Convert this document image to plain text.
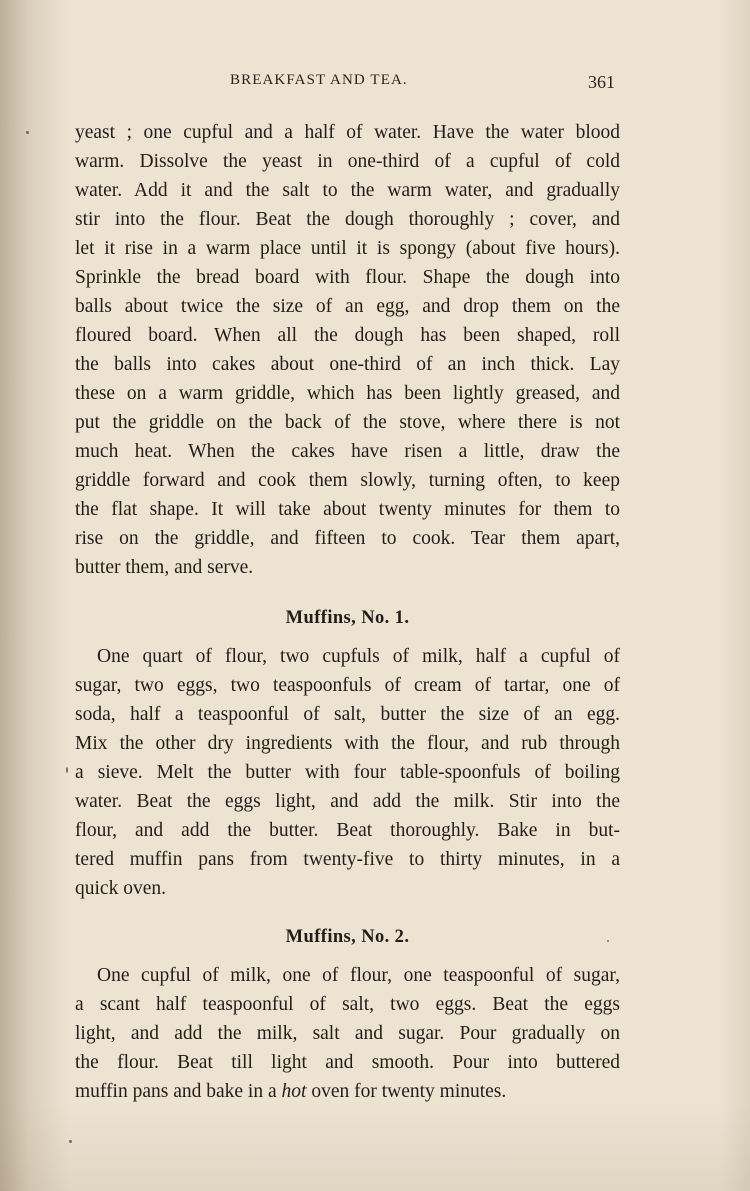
BREAKFAST AND TEA.	361
yeast ; one cupful and a half of water. Have the water blood
warm. Dissolve the yeast in one-third of a cupful of cold
water. Add it and the salt to the warm water, and gradually
stir into the flour. Beat the dough thoroughly ; cover, and
let it rise in a warm place until it is spongy (about five hours).
Sprinkle the bread board with flour. Shape the dough into
balls about twice the size of an egg, and drop them on the
floured board. When all the dough has been shaped, roll
the balls into cakes about one-third of an inch thick. Lay
these on a warm griddle, which has been lightly greased, and
put the griddle on the back of the stove, where there is not
much heat. When the cakes have risen a little, draw the
griddle forward and cook them slowly, turning often, to keep
the flat shape. It will take about twenty minutes for them to
rise on the griddle, and fifteen to cook. Tear them apart,
butter them, and serve.
Muffins, No. 1.
One quart of flour, two cupfuls of milk, half a cupful of
sugar, two eggs, two teaspoonfuls of cream of tartar, one of
soda, half a teaspoonful of salt, butter the size of an egg.
Mix the other dry ingredients with the flour, and rub through
a sieve. Melt the butter with four table-spoonfuls of boiling
water. Beat the eggs light, and add the milk. Stir into the
flour, and add the butter. Beat thoroughly. Bake in but-
tered muffin pans from twenty-five to thirty minutes, in a
quick oven.
Muffins, No. 2.
One cupful of milk, one of flour, one teaspoonful of sugar,
a scant half teaspoonful of salt, two eggs. Beat the eggs
light, and add the milk, salt and sugar. Pour gradually on
the flour. Beat till light and smooth. Pour into buttered
muffin pans and bake in a hot oven for twenty minutes.
